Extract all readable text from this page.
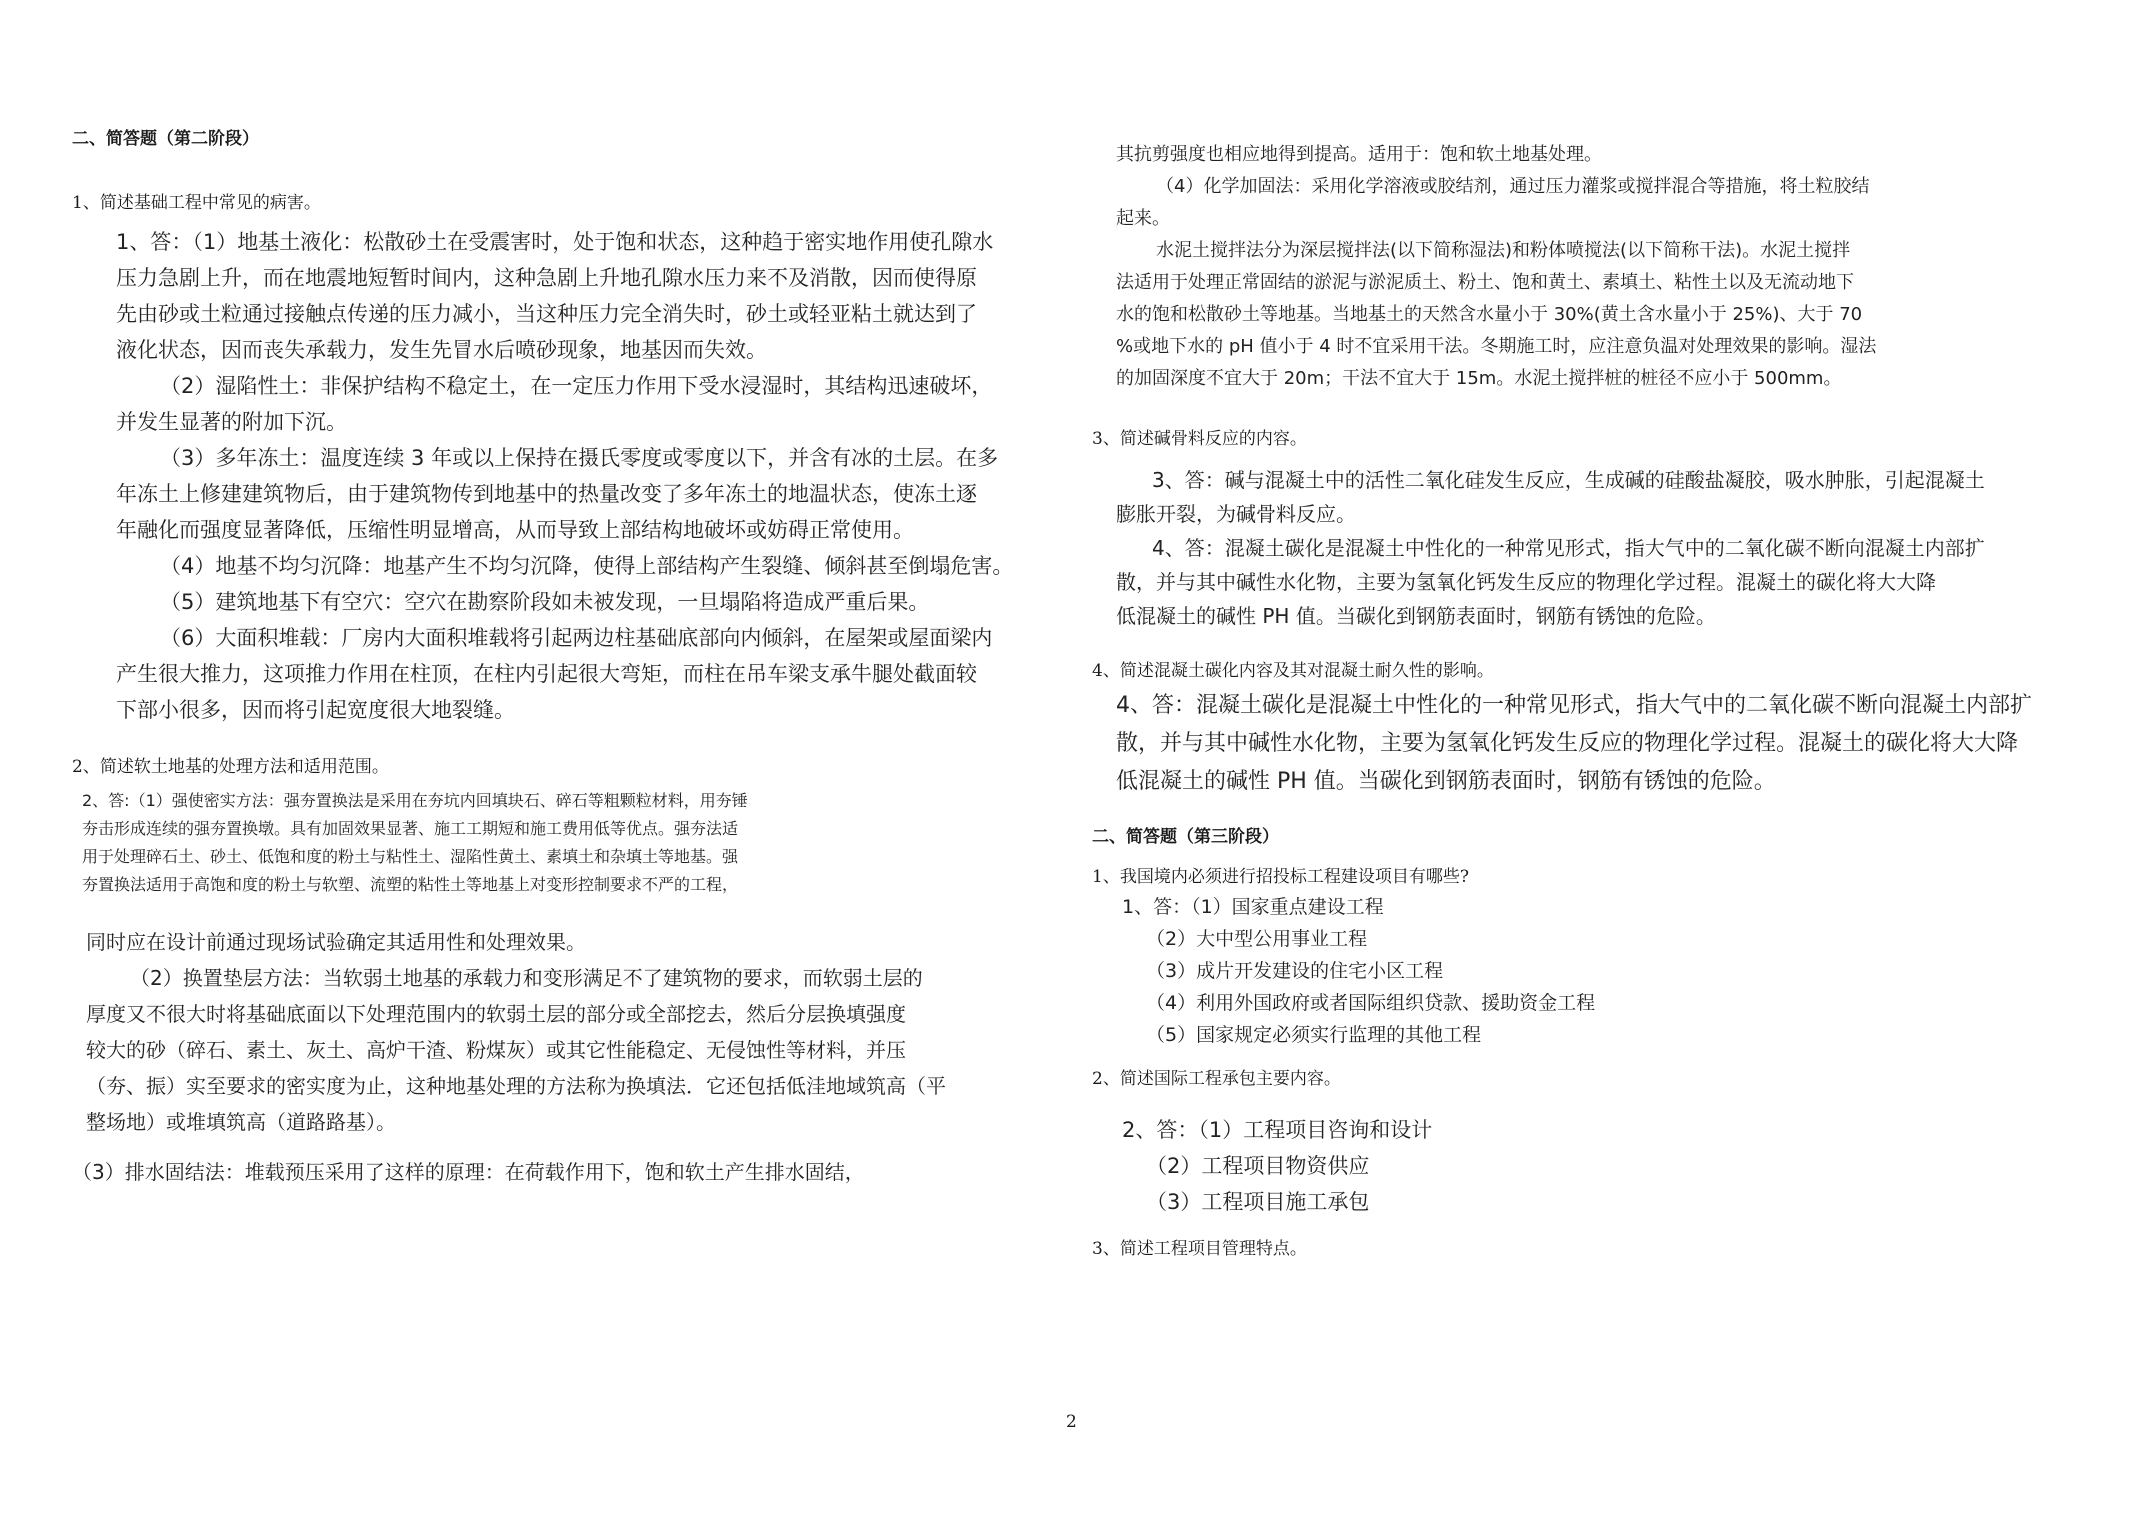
二、简答题（第二阶段）
1、简述基础工程中常见的病害。
1、答：（1）地基土液化：松散砂土在受震害时，处于饱和状态，这种趋于密实地作用使孔隙水
压力急剧上升，而在地震地短暂时间内，这种急剧上升地孔隙水压力来不及消散，因而使得原
先由砂或土粒通过接触点传递的压力减小，当这种压力完全消失时，砂土或轻亚粘土就达到了
液化状态，因而丧失承载力，发生先冒水后喷砂现象，地基因而失效。
（2）湿陷性土：非保护结构不稳定土，在一定压力作用下受水浸湿时，其结构迅速破坏，
并发生显著的附加下沉。
（3）多年冻土：温度连续 3 年或以上保持在摄氏零度或零度以下，并含有冰的土层。在多
年冻土上修建建筑物后，由于建筑物传到地基中的热量改变了多年冻土的地温状态，使冻土逐
年融化而强度显著降低，压缩性明显增高，从而导致上部结构地破坏或妨碍正常使用。
（4）地基不均匀沉降：地基产生不均匀沉降，使得上部结构产生裂缝、倾斜甚至倒塌危害。
（5）建筑地基下有空穴：空穴在勘察阶段如未被发现，一旦塌陷将造成严重后果。
（6）大面积堆载：厂房内大面积堆载将引起两边柱基础底部向内倾斜，在屋架或屋面梁内
产生很大推力，这项推力作用在柱顶，在柱内引起很大弯矩，而柱在吊车梁支承牛腿处截面较
下部小很多，因而将引起宽度很大地裂缝。
2、简述软土地基的处理方法和适用范围。
2、答:（1）强使密实方法：强夯置换法是采用在夯坑内回填块石、碎石等粗颗粒材料，用夯锤
夯击形成连续的强夯置换墩。具有加固效果显著、施工工期短和施工费用低等优点。强夯法适
用于处理碎石土、砂土、低饱和度的粉土与粘性土、湿陷性黄土、素填土和杂填土等地基。强
夯置换法适用于高饱和度的粉土与软塑、流塑的粘性土等地基上对变形控制要求不严的工程，
同时应在设计前通过现场试验确定其适用性和处理效果。
（2）换置垫层方法：当软弱土地基的承载力和变形满足不了建筑物的要求，而软弱土层的
厚度又不很大时将基础底面以下处理范围内的软弱土层的部分或全部挖去，然后分层换填强度
较大的砂（碎石、素土、灰土、高炉干渣、粉煤灰）或其它性能稳定、无侵蚀性等材料，并压
（夯、振）实至要求的密实度为止，这种地基处理的方法称为换填法．它还包括低洼地域筑高（平
整场地）或堆填筑高（道路路基）。
（3）排水固结法：堆载预压采用了这样的原理：在荷载作用下，饱和软土产生排水固结，
其抗剪强度也相应地得到提高。适用于：饱和软土地基处理。
（4）化学加固法：采用化学溶液或胶结剂，通过压力灌浆或搅拌混合等措施，将土粒胶结
起来。
水泥土搅拌法分为深层搅拌法(以下简称湿法)和粉体喷搅法(以下简称干法)。水泥土搅拌
法适用于处理正常固结的淤泥与淤泥质土、粉土、饱和黄土、素填土、粘性土以及无流动地下
水的饱和松散砂土等地基。当地基土的天然含水量小于 30%(黄土含水量小于 25%)、大于 70
%或地下水的 pH 值小于 4 时不宜采用干法。冬期施工时，应注意负温对处理效果的影响。湿法
的加固深度不宜大于 20m；干法不宜大于 15m。水泥土搅拌桩的桩径不应小于 500mm。
3、简述碱骨料反应的内容。
3、答：碱与混凝土中的活性二氧化硅发生反应，生成碱的硅酸盐凝胶，吸水肿胀，引起混凝土
膨胀开裂，为碱骨料反应。
4、答：混凝土碳化是混凝土中性化的一种常见形式，指大气中的二氧化碳不断向混凝土内部扩
散，并与其中碱性水化物，主要为氢氧化钙发生反应的物理化学过程。混凝土的碳化将大大降
低混凝土的碱性 PH 值。当碳化到钢筋表面时，钢筋有锈蚀的危险。
4、简述混凝土碳化内容及其对混凝土耐久性的影响。
4、答：混凝土碳化是混凝土中性化的一种常见形式，指大气中的二氧化碳不断向混凝土内部扩
散，并与其中碱性水化物，主要为氢氧化钙发生反应的物理化学过程。混凝土的碳化将大大降
低混凝土的碱性 PH 值。当碳化到钢筋表面时，钢筋有锈蚀的危险。
二、简答题（第三阶段）
1、我国境内必须进行招投标工程建设项目有哪些?
1、答：（1）国家重点建设工程
（2）大中型公用事业工程
（3）成片开发建设的住宅小区工程
（4）利用外国政府或者国际组织贷款、援助资金工程
（5）国家规定必须实行监理的其他工程
2、简述国际工程承包主要内容。
2、答：（1）工程项目咨询和设计
（2）工程项目物资供应
（3）工程项目施工承包
3、简述工程项目管理特点。
2
